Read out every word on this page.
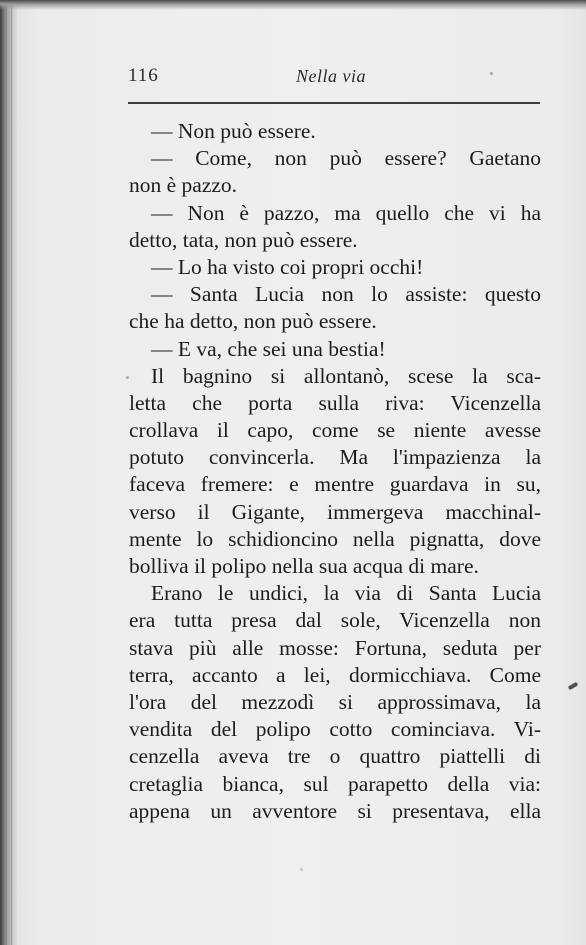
116	Nella via
— Non può essere.
— Come, non può essere? Gaetano
non è pazzo.
— Non è pazzo, ma quello che vi ha
detto, tata, non può essere.
— Lo ha visto coi propri occhi!
— Santa Lucia non lo assiste: questo
che ha detto, non può essere.
— E va, che sei una bestia!
Il bagnino si allontanò, scese la sca-
letta che porta sulla riva: Vicenzella
crollava il capo, come se niente avesse
potuto convincerla. Ma l'impazienza la
faceva fremere: e mentre guardava in su,
verso il Gigante, immergeva macchinal-
mente lo schidioncino nella pignatta, dove
bolliva il polipo nella sua acqua di mare.
Erano le undici, la via di Santa Lucia
era tutta presa dal sole, Vicenzella non
stava più alle mosse: Fortuna, seduta per
terra, accanto a lei, dormicchiava. Come
l'ora del mezzodì si approssimava, la
vendita del polipo cotto cominciava. Vi-
cenzella aveva tre o quattro piattelli di
cretaglia bianca, sul parapetto della via:
appena un avventore si presentava, ella
